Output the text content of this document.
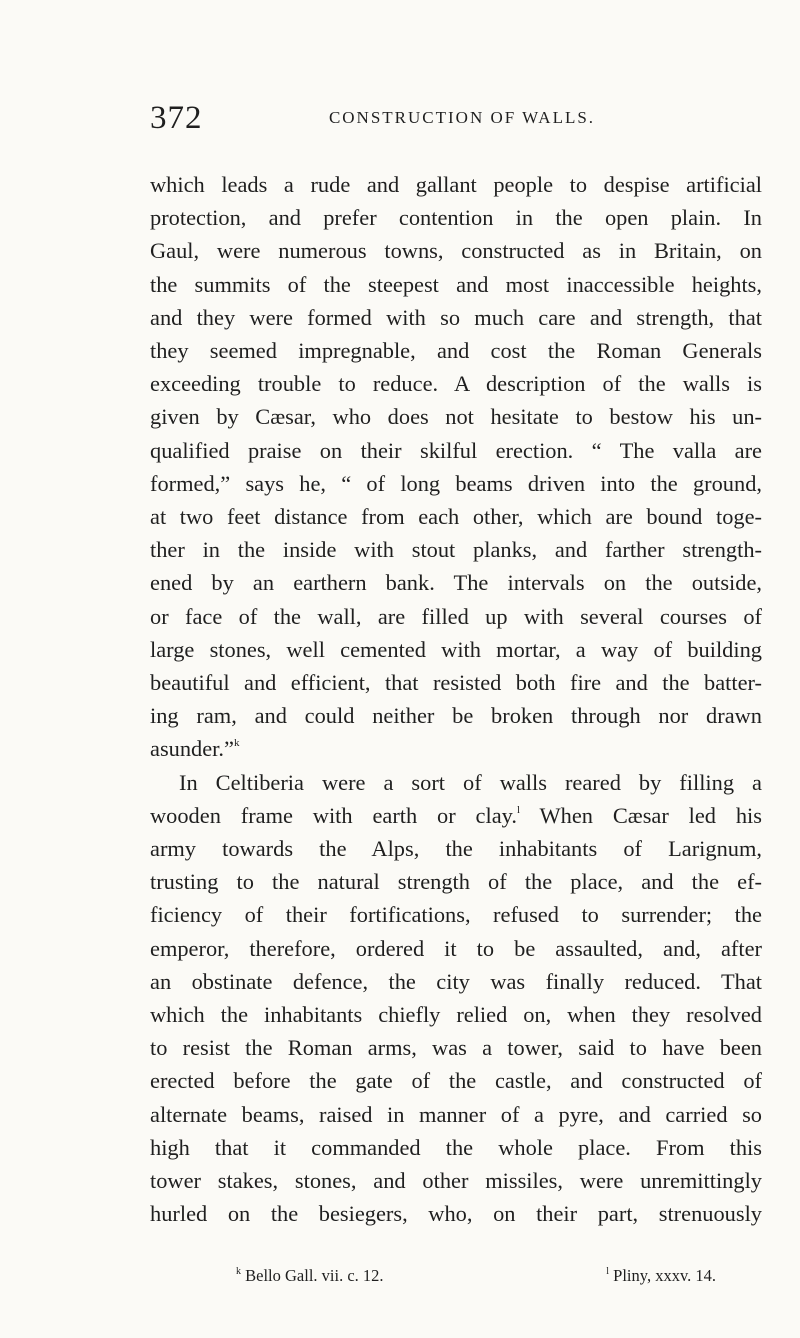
372	CONSTRUCTION OF WALLS.

which leads a rude and gallant people to despise artificial
protection, and prefer contention in the open plain. In
Gaul, were numerous towns, constructed as in Britain, on
the summits of the steepest and most inaccessible heights,
and they were formed with so much care and strength, that
they seemed impregnable, and cost the Roman Generals
exceeding trouble to reduce. A description of the walls is
given by Cæsar, who does not hesitate to bestow his un-
qualified praise on their skilful erection. “ The valla are
formed,” says he, “ of long beams driven into the ground,
at two feet distance from each other, which are bound toge-
ther in the inside with stout planks, and farther strength-
ened by an earthern bank. The intervals on the outside,
or face of the wall, are filled up with several courses of
large stones, well cemented with mortar, a way of building
beautiful and efficient, that resisted both fire and the batter-
ing ram, and could neither be broken through nor drawn
asunder.”$^k$

In Celtiberia were a sort of walls reared by filling a
wooden frame with earth or clay.$^l$ When Cæsar led his
army towards the Alps, the inhabitants of Larignum,
trusting to the natural strength of the place, and the ef-
ficiency of their fortifications, refused to surrender; the
emperor, therefore, ordered it to be assaulted, and, after
an obstinate defence, the city was finally reduced. That
which the inhabitants chiefly relied on, when they resolved
to resist the Roman arms, was a tower, said to have been
erected before the gate of the castle, and constructed of
alternate beams, raised in manner of a pyre, and carried so
high that it commanded the whole place. From this
tower stakes, stones, and other missiles, were unremittingly
hurled on the besiegers, who, on their part, strenuously

$^k$ Bello Gall. vii. c. 12.	$^l$ Pliny, xxxv. 14.
